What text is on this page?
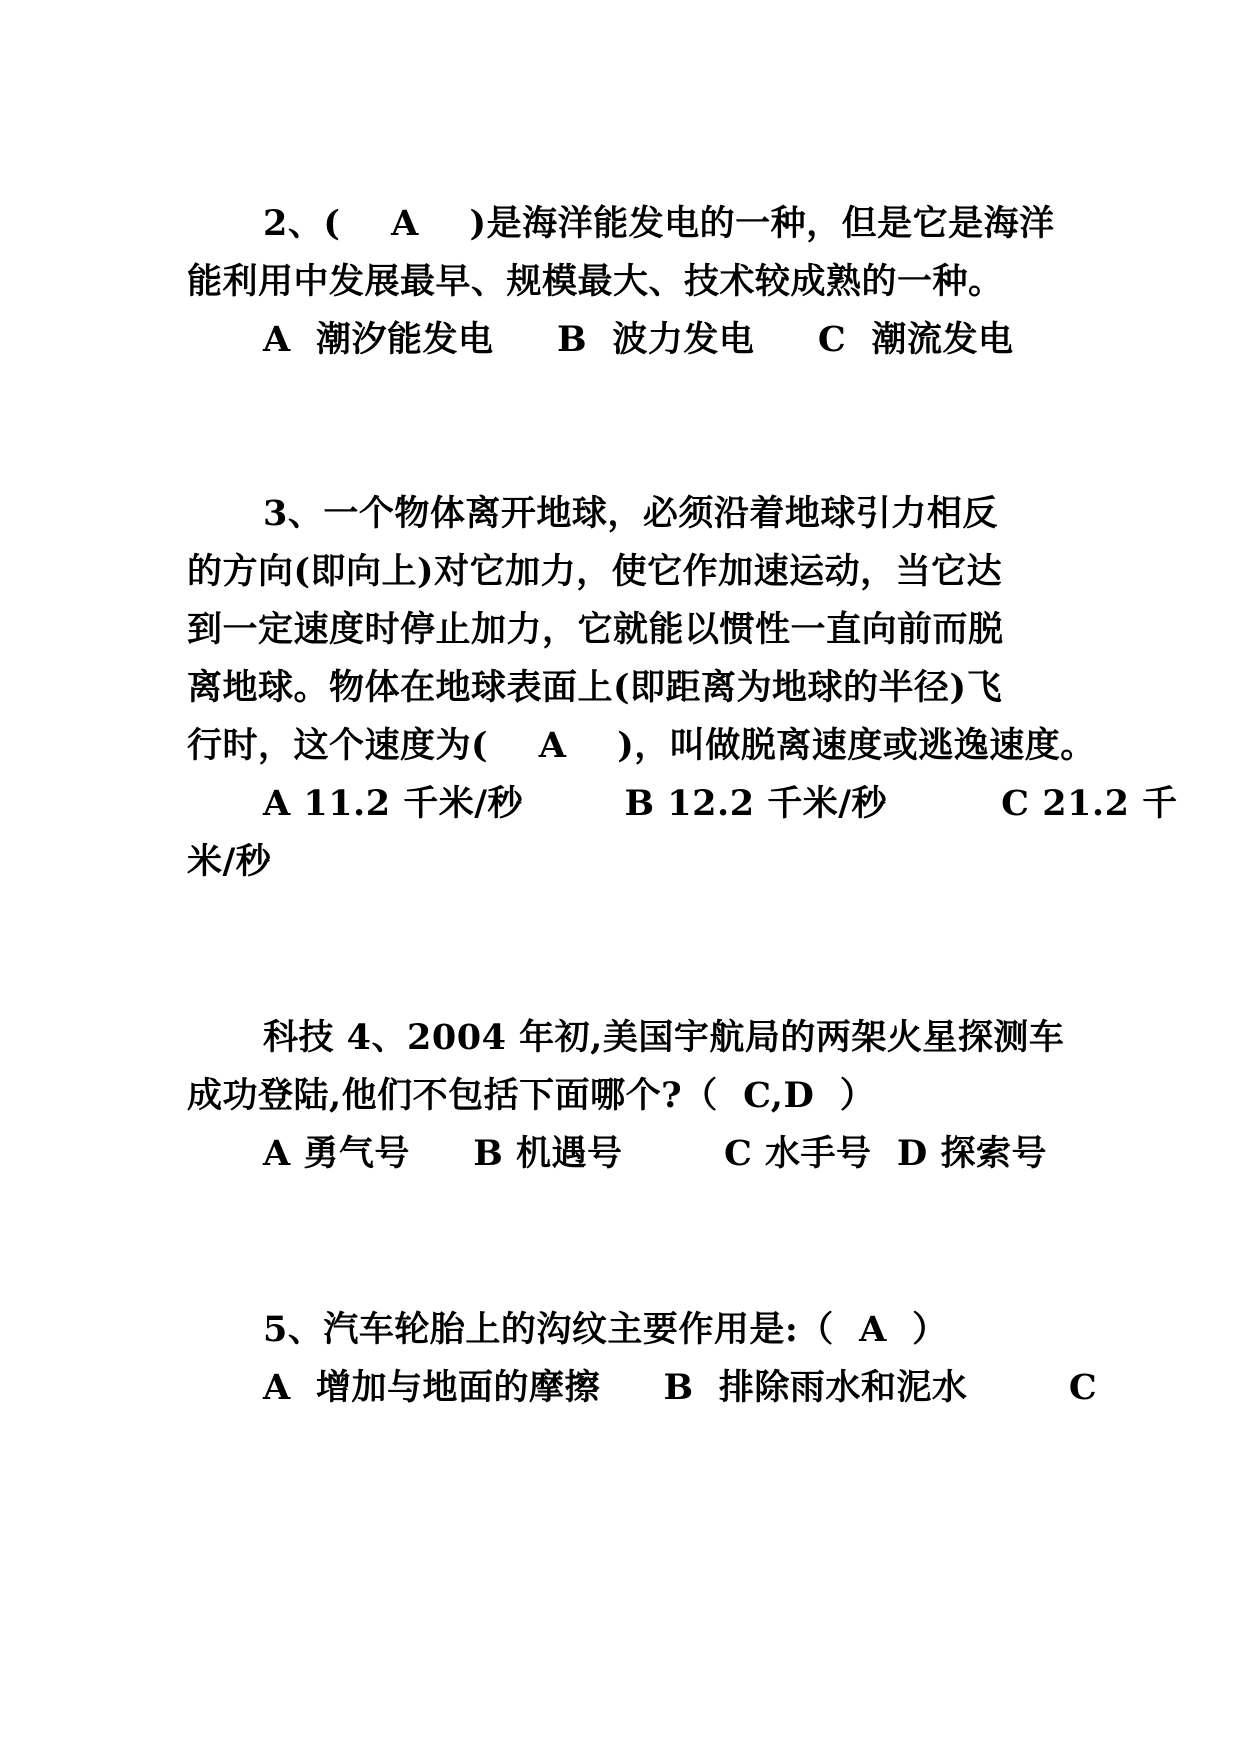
2、(    A    )是海洋能发电的一种，但是它是海洋
能利用中发展最早、规模最大、技术较成熟的一种。
A  潮汐能发电     B  波力发电     C  潮流发电
3、一个物体离开地球，必须沿着地球引力相反
的方向(即向上)对它加力，使它作加速运动，当它达
到一定速度时停止加力，它就能以惯性一直向前而脱
离地球。物体在地球表面上(即距离为地球的半径)飞
行时，这个速度为(    A    )，叫做脱离速度或逃逸速度。
A 11.2 千米/秒        B 12.2 千米/秒         C 21.2 千
米/秒
科技 4、2004 年初,美国宇航局的两架火星探测车
成功登陆,他们不包括下面哪个?（  C,D  ）
A 勇气号     B 机遇号        C 水手号  D 探索号
5、汽车轮胎上的沟纹主要作用是:（  A  ）
A  增加与地面的摩擦     B  排除雨水和泥水        C
